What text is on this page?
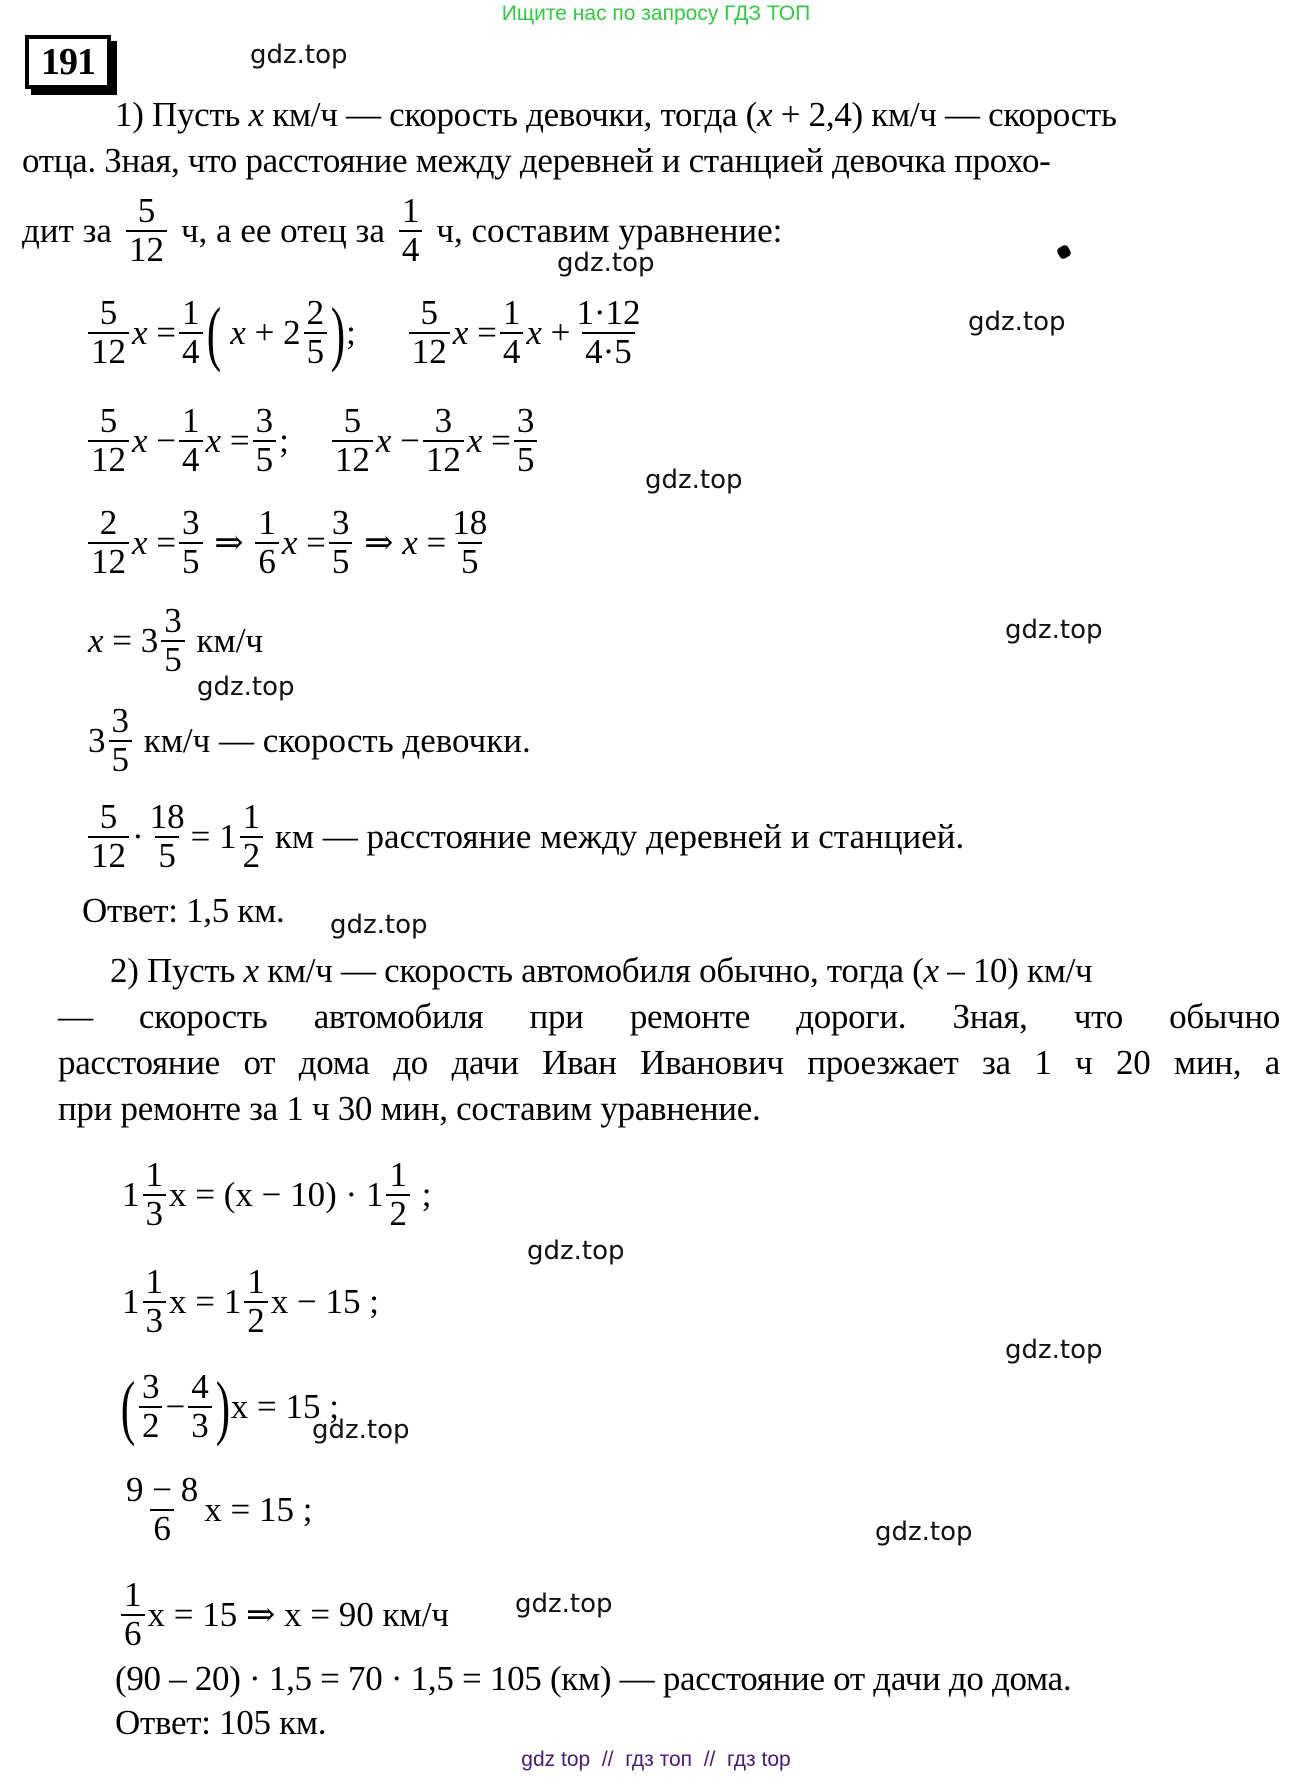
Ищите нас по запросу ГДЗ ТОП
191	gdz.top
gdz.top
gdz.top
gdz.top
gdz.top
gdz.top
gdz.top
gdz.top
gdz.top
gdz.top
gdz.top
gdz.top
1) Пусть x км/ч — скорость девочки, тогда (x + 2,4) км/ч — скорость
отца. Зная, что расстояние между деревней и станцией девочка прохо-
дит за $\frac{5}{12} ч$, а ее отец за $\frac{1}{4} ч$, составим уравнение:
$\frac{5}{12}$ x
= $\frac{1}{4}$ (
$x + 2 \frac{2}{5}$ ) ; $\frac{5}{12}$ x
= $\frac{1}{4}$ $x + \frac{1\cdot 12}{4\cdot 5}$
$\frac{5}{12}$ $x - \frac{1}{4}$ $x = \frac{3}{5}$ ; $\frac{5}{12}$ $x - \frac{3}{12}$ $x = \frac{3}{5}$
$\frac{2}{12}$ $x = \frac{3}{5}$
⇒
$\frac{1}{6}$ $x = \frac{3}{5}$
⇒
$x = \frac{18}{5}$
$x = 3 \frac{3}{5}$
км/ч
$3 \frac{3}{5}$
км/ч — скорость девочки.
$\frac{5}{12} \cdot \frac{18}{5} = 1 \frac{1}{2}$
км — расстояние между деревней и станцией.
Ответ: 1,5 км.
2) Пусть x км/ч — скорость автомобиля обычно, тогда (x – 10) км/ч
— скорость автомобиля при ремонте дороги. Зная, что обычно
расстояние от дома до дачи Иван Иванович проезжает за 1 ч 20 мин, а
при ремонте за 1 ч 30 мин, составим уравнение.
$1 \frac{1}{3}$ $x = (x - 10) \cdot 1 \frac{1}{2}$
;
$1 \frac{1}{3}$ $x = 1 \frac{1}{2}$ x − 15 ;
( $\frac{3}{2} - \frac{4}{3}$ ) x = 15 ;
$\frac{9 - 8}{6}$ x = 15 ;
$\frac{1}{6}$ x = 15 ⇒ x = 90 км/ч
(90 – 20) · 1,5 = 70 · 1,5 = 105 (км) — расстояние от дачи до дома.
Ответ: 105 км.
gdz top  //  гдз топ  //  гдз top
